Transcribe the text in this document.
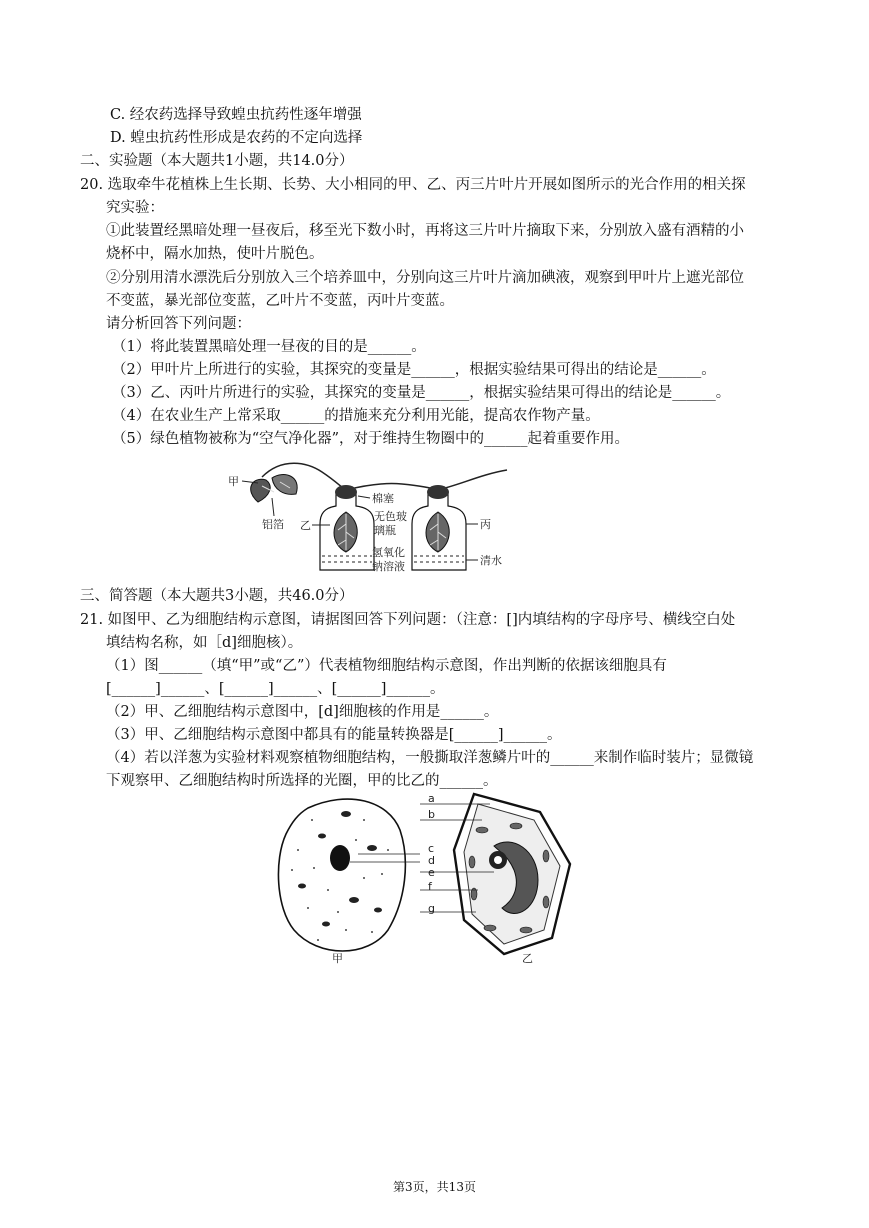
C. 经农药选择导致蝗虫抗药性逐年增强
D. 蝗虫抗药性形成是农药的不定向选择
二、实验题（本大题共1小题，共14.0分）
20. 选取牵牛花植株上生长期、长势、大小相同的甲、乙、丙三片叶片开展如图所示的光合作用的相关探
究实验：
①此装置经黑暗处理一昼夜后，移至光下数小时，再将这三片叶片摘取下来，分别放入盛有酒精的小
烧杯中，隔水加热，使叶片脱色。
②分别用清水漂洗后分别放入三个培养皿中，分别向这三片叶片滴加碘液，观察到甲叶片上遮光部位
不变蓝，暴光部位变蓝，乙叶片不变蓝，丙叶片变蓝。
请分析回答下列问题：
（1）将此装置黑暗处理一昼夜的目的是______。
（2）甲叶片上所进行的实验，其探究的变量是______，根据实验结果可得出的结论是______。
（3）乙、丙叶片所进行的实验，其探究的变量是______，根据实验结果可得出的结论是______。
（4）在农业生产上常采取______的措施来充分利用光能，提高农作物产量。
（5）绿色植物被称为“空气净化器”，对于维持生物圈中的______起着重要作用。
甲
铝箔 乙
棉塞
无色玻
璃瓶
氢氧化
钠溶液
丙
清水
三、简答题（本大题共3小题，共46.0分）
21. 如图甲、乙为细胞结构示意图，请据图回答下列问题：（注意：[]内填结构的字母序号、横线空白处
填结构名称，如［d]细胞核）。
（1）图______（填“甲”或“乙”）代表植物细胞结构示意图，作出判断的依据该细胞具有
[______]______、[______]______、[______]______。
（2）甲、乙细胞结构示意图中，[d]细胞核的作用是______。
（3）甲、乙细胞结构示意图中都具有的能量转换器是[______]______。
（4）若以洋葱为实验材料观察植物细胞结构，一般撕取洋葱鳞片叶的______来制作临时装片；显微镜
下观察甲、乙细胞结构时所选择的光圈，甲的比乙的______。
甲	乙
a
b
c
d
e
f
g
第3页，共13页
